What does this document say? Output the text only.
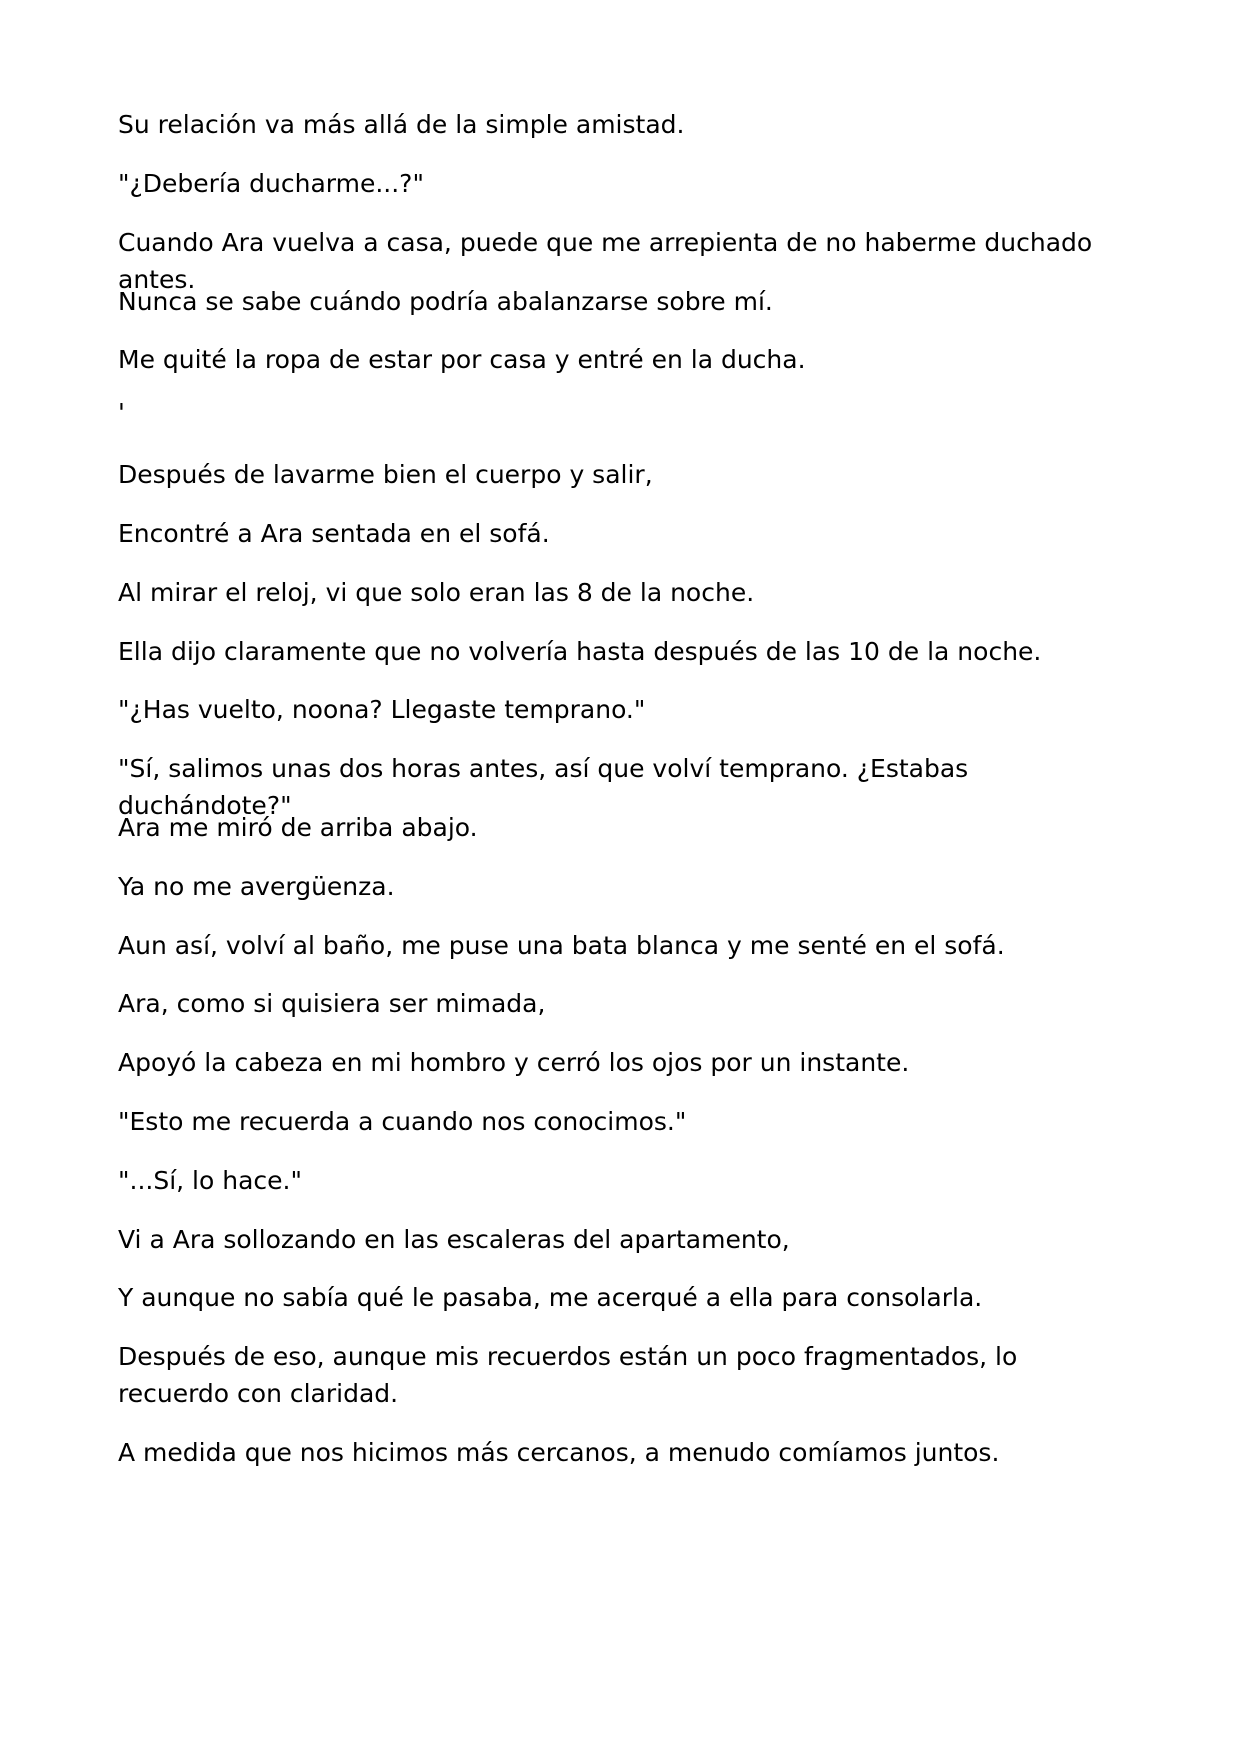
Su relación va más allá de la simple amistad.
"¿Debería ducharme...?"
Cuando Ara vuelva a casa, puede que me arrepienta de no haberme duchado antes.
Nunca se sabe cuándo podría abalanzarse sobre mí.
Me quité la ropa de estar por casa y entré en la ducha.
'
Después de lavarme bien el cuerpo y salir,
Encontré a Ara sentada en el sofá.
Al mirar el reloj, vi que solo eran las 8 de la noche.
Ella dijo claramente que no volvería hasta después de las 10 de la noche.
"¿Has vuelto, noona? Llegaste temprano."
"Sí, salimos unas dos horas antes, así que volví temprano. ¿Estabas duchándote?"
Ara me miró de arriba abajo.
Ya no me avergüenza.
Aun así, volví al baño, me puse una bata blanca y me senté en el sofá.
Ara, como si quisiera ser mimada,
Apoyó la cabeza en mi hombro y cerró los ojos por un instante.
"Esto me recuerda a cuando nos conocimos."
"...Sí, lo hace."
Vi a Ara sollozando en las escaleras del apartamento,
Y aunque no sabía qué le pasaba, me acerqué a ella para consolarla.
Después de eso, aunque mis recuerdos están un poco fragmentados, lo recuerdo con claridad.
A medida que nos hicimos más cercanos, a menudo comíamos juntos.
